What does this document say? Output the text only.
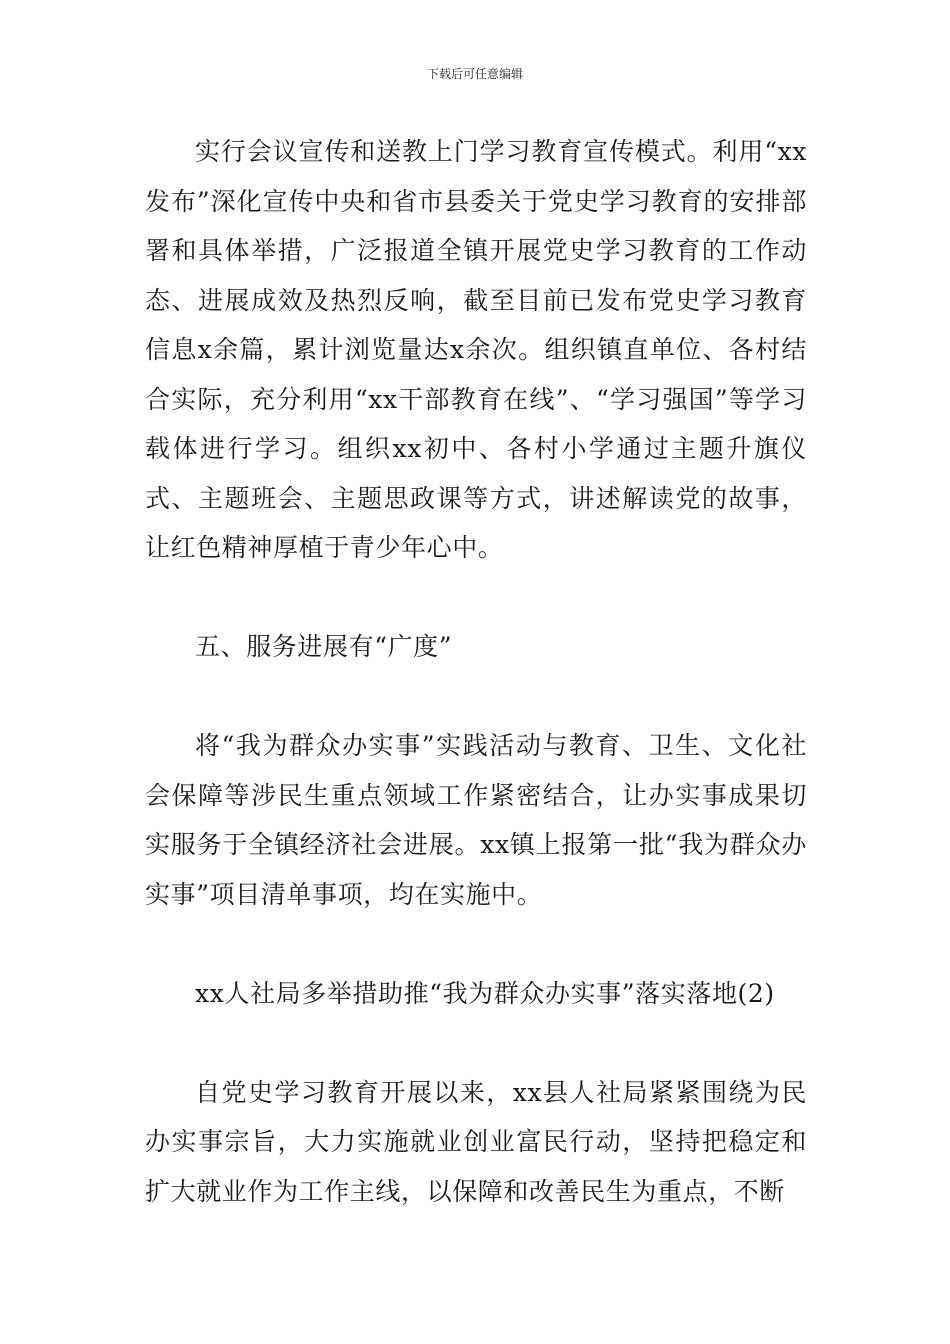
下载后可任意编辑

实行会议宣传和送教上门学习教育宣传模式。利用“xx发布”深化宣传中央和省市县委关于党史学习教育的安排部署和具体举措，广泛报道全镇开展党史学习教育的工作动态、进展成效及热烈反响，截至目前已发布党史学习教育信息x余篇，累计浏览量达x余次。组织镇直单位、各村结合实际，充分利用“xx干部教育在线”、“学习强国”等学习载体进行学习。组织xx初中、各村小学通过主题升旗仪式、主题班会、主题思政课等方式，讲述解读党的故事，让红色精神厚植于青少年心中。

五、服务进展有“广度”

将“我为群众办实事”实践活动与教育、卫生、文化社会保障等涉民生重点领域工作紧密结合，让办实事成果切实服务于全镇经济社会进展。xx镇上报第一批“我为群众办实事”项目清单事项，均在实施中。

xx人社局多举措助推“我为群众办实事”落实落地(2)

自党史学习教育开展以来，xx县人社局紧紧围绕为民办实事宗旨，大力实施就业创业富民行动，坚持把稳定和扩大就业作为工作主线，以保障和改善民生为重点，不断
